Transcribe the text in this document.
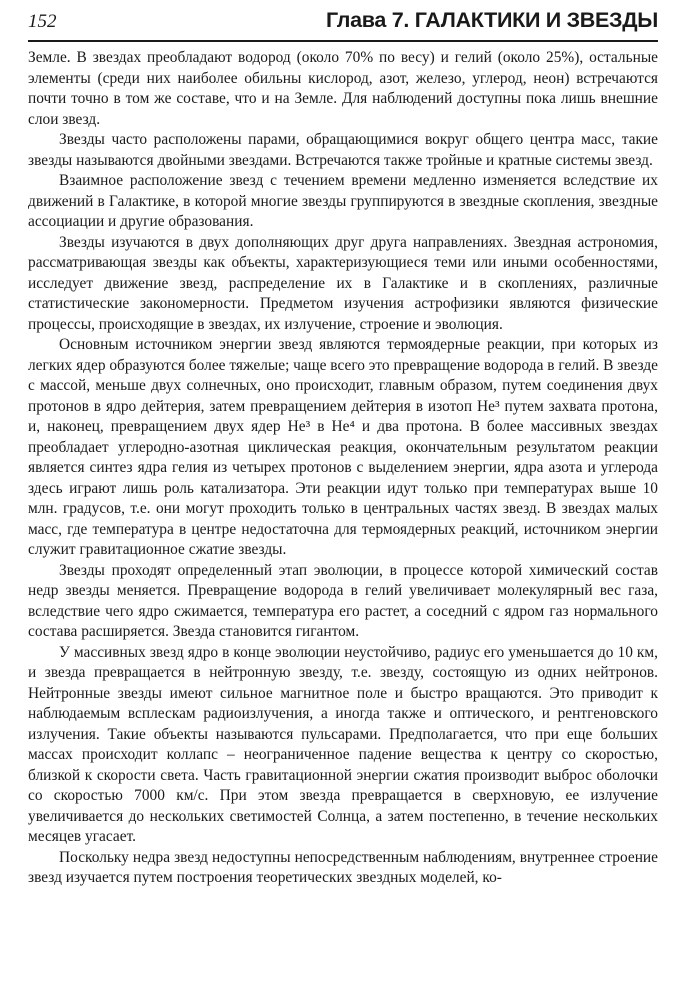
152	Глава 7. ГАЛАКТИКИ И ЗВЕЗДЫ

Земле. В звездах преобладают водород (около 70% по весу) и гелий (около 25%), остальные элементы (среди них наиболее обильны кислород, азот, железо, углерод, неон) встречаются почти точно в том же составе, что и на Земле. Для наблюдений доступны пока лишь внешние слои звезд.

Звезды часто расположены парами, обращающимися вокруг общего центра масс, такие звезды называются двойными звездами. Встречаются также тройные и кратные системы звезд.

Взаимное расположение звезд с течением времени медленно изменяется вследствие их движений в Галактике, в которой многие звезды группируются в звездные скопления, звездные ассоциации и другие образования.

Звезды изучаются в двух дополняющих друг друга направлениях. Звездная астрономия, рассматривающая звезды как объекты, характеризующиеся теми или иными особенностями, исследует движение звезд, распределение их в Галактике и в скоплениях, различные статистические закономерности. Предметом изучения астрофизики являются физические процессы, происходящие в звездах, их излучение, строение и эволюция.

Основным источником энергии звезд являются термоядерные реакции, при которых из легких ядер образуются более тяжелые; чаще всего это превращение водорода в гелий. В звезде с массой, меньше двух солнечных, оно происходит, главным образом, путем соединения двух протонов в ядро дейтерия, затем превращением дейтерия в изотоп He³ путем захвата протона, и, наконец, превращением двух ядер He³ в He⁴ и два протона. В более массивных звездах преобладает углеродно-азотная циклическая реакция, окончательным результатом реакции является синтез ядра гелия из четырех протонов с выделением энергии, ядра азота и углерода здесь играют лишь роль катализатора. Эти реакции идут только при температурах выше 10 млн. градусов, т.е. они могут проходить только в центральных частях звезд. В звездах малых масс, где температура в центре недостаточна для термоядерных реакций, источником энергии служит гравитационное сжатие звезды.

Звезды проходят определенный этап эволюции, в процессе которой химический состав недр звезды меняется. Превращение водорода в гелий увеличивает молекулярный вес газа, вследствие чего ядро сжимается, температура его растет, а соседний с ядром газ нормального состава расширяется. Звезда становится гигантом.

У массивных звезд ядро в конце эволюции неустойчиво, радиус его уменьшается до 10 км, и звезда превращается в нейтронную звезду, т.е. звезду, состоящую из одних нейтронов. Нейтронные звезды имеют сильное магнитное поле и быстро вращаются. Это приводит к наблюдаемым всплескам радиоизлучения, а иногда также и оптического, и рентгеновского излучения. Такие объекты называются пульсарами. Предполагается, что при еще больших массах происходит коллапс – неограниченное падение вещества к центру со скоростью, близкой к скорости света. Часть гравитационной энергии сжатия производит выброс оболочки со скоростью 7000 км/с. При этом звезда превращается в сверхновую, ее излучение увеличивается до нескольких светимостей Солнца, а затем постепенно, в течение нескольких месяцев угасает.

Поскольку недра звезд недоступны непосредственным наблюдениям, внутреннее строение звезд изучается путем построения теоретических звездных моделей, ко-
